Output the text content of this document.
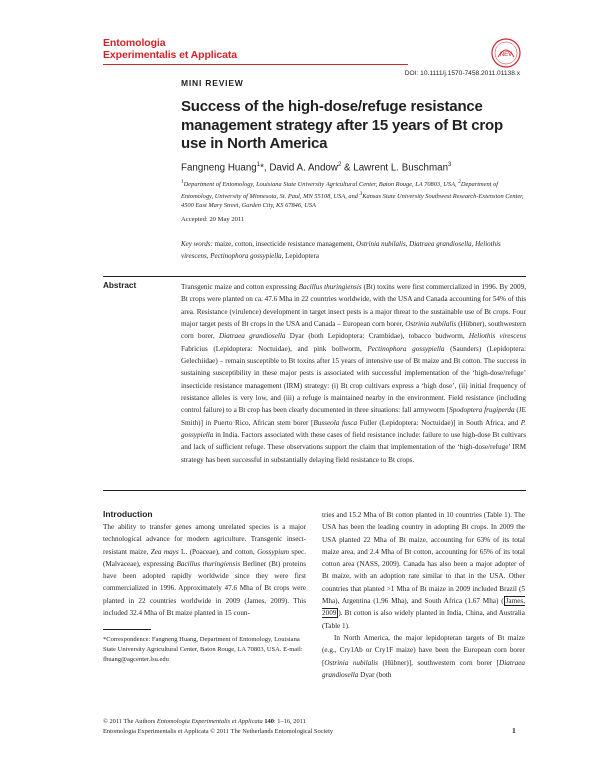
Entomologia
Experimentalis et Applicata	NEV
DOI: 10.1111/j.1570-7458.2011.01138.x
MINI REVIEW
Success of the high-dose/refuge resistance management strategy after 15 years of Bt crop use in North America
Fangneng Huang$^1$*, David A. Andow$^2$ & Lawrent L. Buschman$^3$
$^1$Department of Entomology, Louisiana State University Agricultural Center, Baton Rouge, LA 70803, USA, $^2$Department of Entomology, University of Minnesota, St. Paul, MN 55108, USA, and $^3$Kansas State University Southwest Research-Extension Center, 4500 East Mary Street, Garden City, KS 67846, USA
Accepted: 20 May 2011
Key words: maize, cotton, insecticide resistance management, Ostrinia nubilalis, Diatraea grandiosella, Heliothis virescens, Pectinophora gossypiella, Lepidoptera
Abstract	Transgenic maize and cotton expressing Bacillus thuringiensis (Bt) toxins were first commercialized in 1996. By 2009, Bt crops were planted on ca. 47.6 Mha in 22 countries worldwide, with the USA and Canada accounting for 54% of this area. Resistance (virulence) development in target insect pests is a major threat to the sustainable use of Bt crops. Four major target pests of Bt crops in the USA and Canada – European corn borer, Ostrinia nubilalis (Hübner), southwestern corn borer, Diatraea grandiosella Dyar (both Lepidoptera: Crambidae), tobacco budworm, Heliothis virescens Fabricius (Lepidoptera: Noctuidae), and pink bollworm, Pectinophora gossypiella (Saunders) (Lepidoptera: Gelechiidae) – remain susceptible to Bt toxins after 15 years of intensive use of Bt maize and Bt cotton. The success in sustaining susceptibility in these major pests is associated with successful implementation of the ‘high-dose/refuge’ insecticide resistance management (IRM) strategy: (i) Bt crop cultivars express a ‘high dose’, (ii) initial frequency of resistance alleles is very low, and (iii) a refuge is maintained nearby in the environment. Field resistance (including control failure) to a Bt crop has been clearly documented in three situations: fall armyworm [Spodoptera frugiperda (JE Smith)] in Puerto Rico, African stem borer [Busseola fusca Fuller (Lepidoptera: Noctuidae)] in South Africa, and P. gossypiella in India. Factors associated with these cases of field resistance include: failure to use high-dose Bt cultivars and lack of sufficient refuge. These observations support the claim that implementation of the ‘high-dose/refuge’ IRM strategy has been successful in substantially delaying field resistance to Bt crops.
Introduction
The ability to transfer genes among unrelated species is a major technological advance for modern agriculture. Transgenic insect-resistant maize, Zea mays L. (Poaceae), and cotton, Gossypium spec. (Malvaceae), expressing Bacillus thuringiensis Berliner (Bt) proteins have been adopted rapidly worldwide since they were first commercialized in 1996. Approximately 47.6 Mha of Bt crops were planted in 22 countries worldwide in 2009 (James, 2009). This included 32.4 Mha of Bt maize planted in 15 coun-
tries and 15.2 Mha of Bt cotton planted in 10 countries (Table 1). The USA has been the leading country in adopting Bt crops. In 2009 the USA planted 22 Mha of Bt maize, accounting for 63% of its total maize area, and 2.4 Mha of Bt cotton, accounting for 65% of its total cotton area (NASS, 2009). Canada has also been a major adopter of Bt maize, with an adoption rate similar to that in the USA. Other countries that planted >1 Mha of Bt maize in 2009 included Brazil (5 Mha), Argentina (1.96 Mha), and South Africa (1.67 Mha) ( James, 2009 ). Bt cotton is also widely planted in India, China, and Australia (Table 1).
In North America, the major lepidopteran targets of Bt maize (e.g., Cry1Ab or Cry1F maize) have been the European corn borer [Ostrinia nubilalis (Hübner)], southwestern corn borer [Diatraea grandiosella Dyar (both
*Correspondence: Fangneng Huang, Department of Entomology, Louisiana State University Agricultural Center, Baton Rouge, LA 70803, USA. E-mail: fhuang@agcenter.lsu.edu
© 2011 The Authors Entomologia Experimentalis et Applicata 140: 1–16, 2011
Entomologia Experimentalis et Applicata © 2011 The Netherlands Entomological Society	1
